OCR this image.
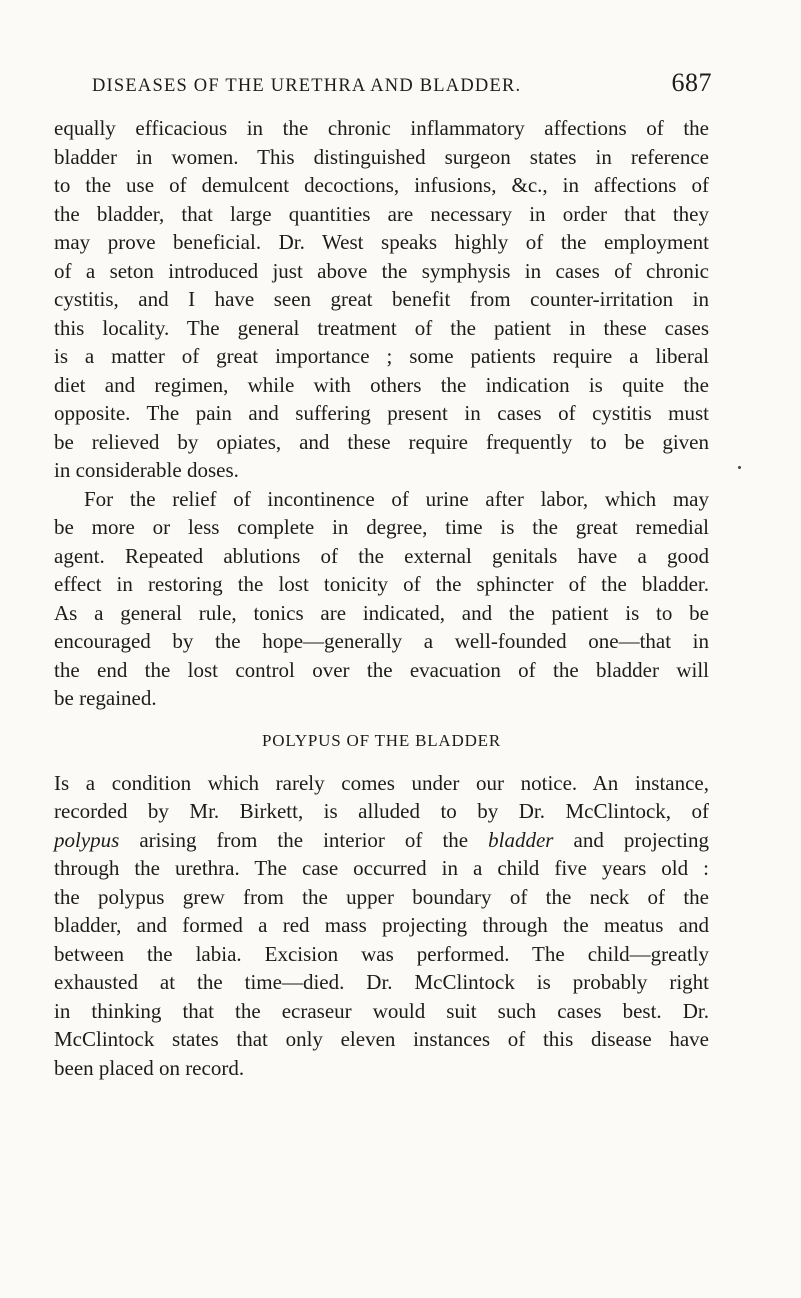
DISEASES OF THE URETHRA AND BLADDER.	687
equally efficacious in the chronic inflammatory affections of the
bladder in women. This distinguished surgeon states in reference
to the use of demulcent decoctions, infusions, &c., in affections of
the bladder, that large quantities are necessary in order that they
may prove beneficial. Dr. West speaks highly of the employment
of a seton introduced just above the symphysis in cases of chronic
cystitis, and I have seen great benefit from counter-irritation in
this locality. The general treatment of the patient in these cases
is a matter of great importance ; some patients require a liberal
diet and regimen, while with others the indication is quite the
opposite. The pain and suffering present in cases of cystitis must
be relieved by opiates, and these require frequently to be given
in considerable doses.
For the relief of incontinence of urine after labor, which may
be more or less complete in degree, time is the great remedial
agent. Repeated ablutions of the external genitals have a good
effect in restoring the lost tonicity of the sphincter of the bladder.
As a general rule, tonics are indicated, and the patient is to be
encouraged by the hope—generally a well-founded one—that in
the end the lost control over the evacuation of the bladder will
be regained.
POLYPUS OF THE BLADDER
Is a condition which rarely comes under our notice. An instance,
recorded by Mr. Birkett, is alluded to by Dr. McClintock, of
polypus arising from the interior of the bladder and projecting
through the urethra. The case occurred in a child five years old :
the polypus grew from the upper boundary of the neck of the
bladder, and formed a red mass projecting through the meatus and
between the labia. Excision was performed. The child—greatly
exhausted at the time—died. Dr. McClintock is probably right
in thinking that the ecraseur would suit such cases best. Dr.
McClintock states that only eleven instances of this disease have
been placed on record.
